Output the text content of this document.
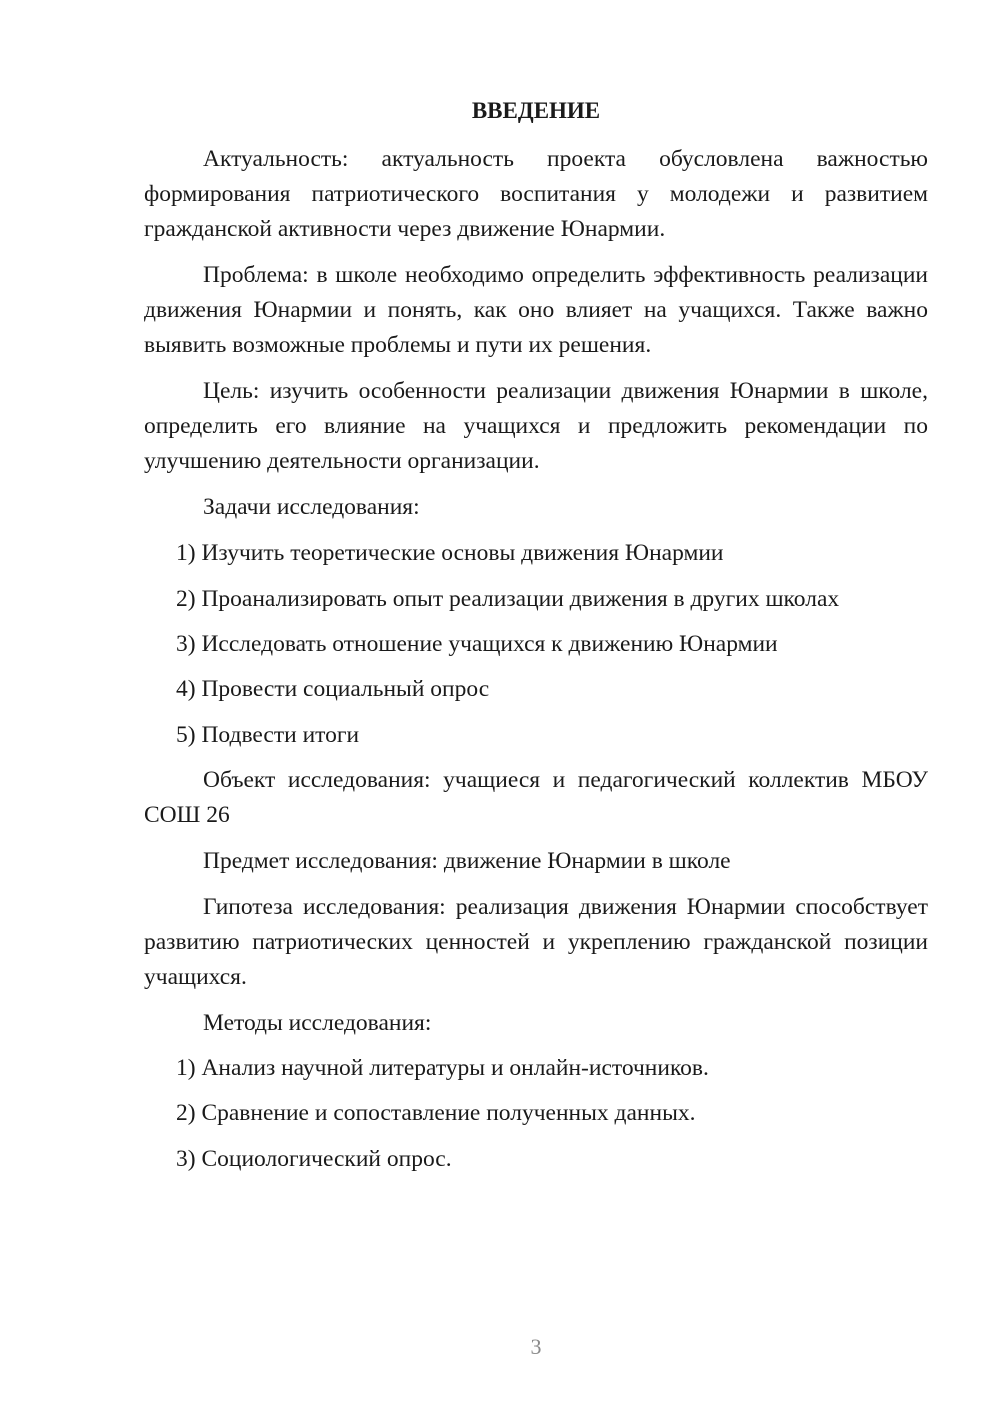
ВВЕДЕНИЕ

Актуальность: актуальность проекта обусловлена важностью формирования патриотического воспитания у молодежи и развитием гражданской активности через движение Юнармии.

Проблема: в школе необходимо определить эффективность реализации движения Юнармии и понять, как оно влияет на учащихся. Также важно выявить возможные проблемы и пути их решения.

Цель: изучить особенности реализации движения Юнармии в школе, определить его влияние на учащихся и предложить рекомендации по улучшению деятельности организации.

Задачи исследования:

1) Изучить теоретические основы движения Юнармии

2) Проанализировать опыт реализации движения в других школах

3) Исследовать отношение учащихся к движению Юнармии

4) Провести социальный опрос

5) Подвести итоги

Объект исследования: учащиеся и педагогический коллектив МБОУ СОШ 26

Предмет исследования: движение Юнармии в школе

Гипотеза исследования: реализация движения Юнармии способствует развитию патриотических ценностей и укреплению гражданской позиции учащихся.

Методы исследования:

1) Анализ научной литературы и онлайн-источников.

2) Сравнение и сопоставление полученных данных.

3) Социологический опрос.

3
